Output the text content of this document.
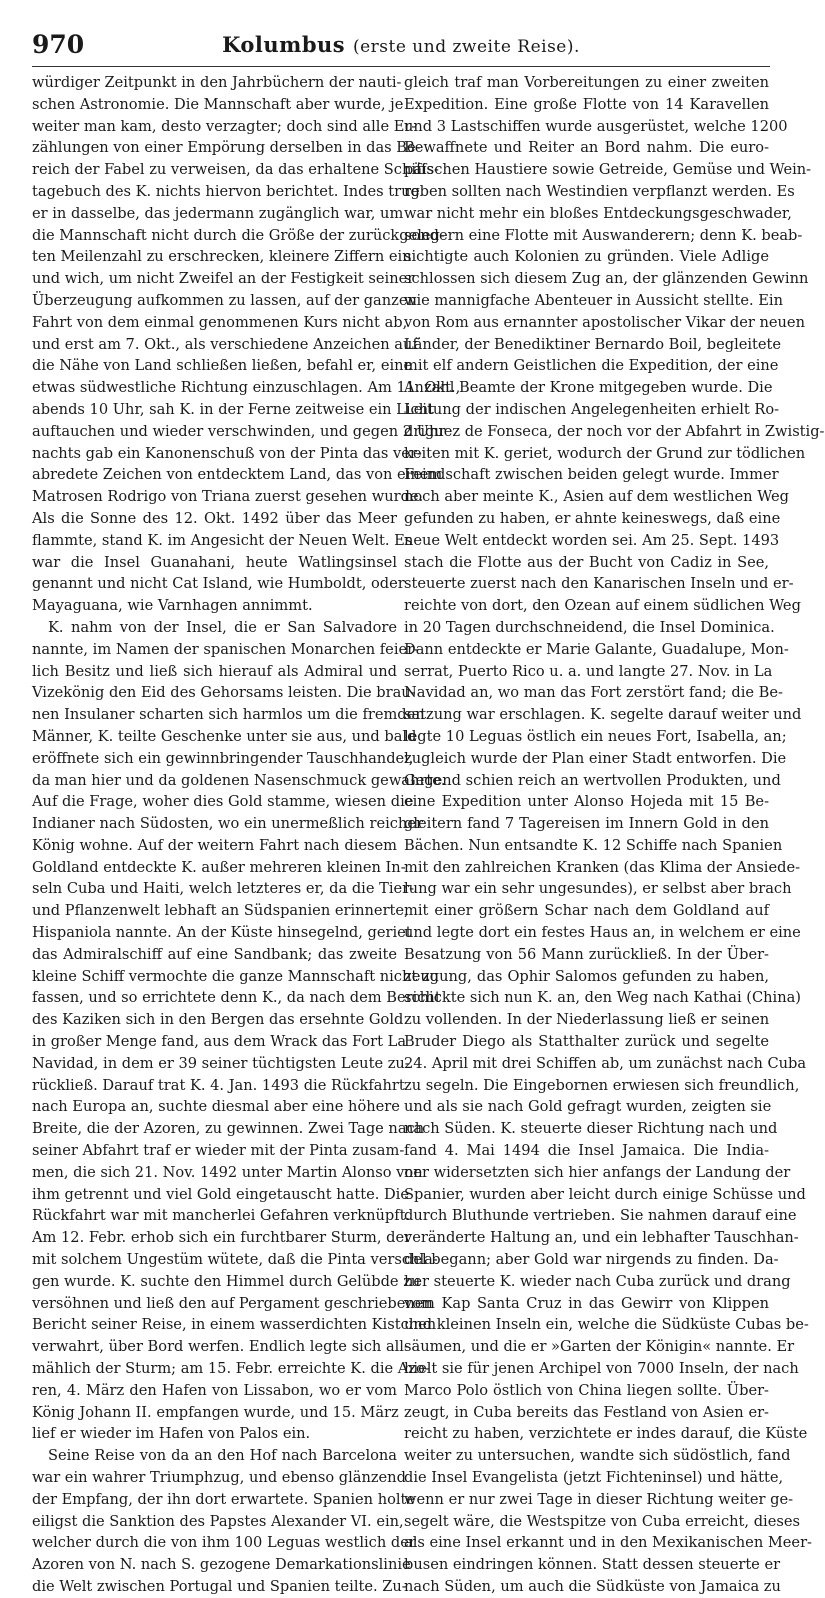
970	Kolumbus (erste und zweite Reise).
würdiger Zeitpunkt in den Jahrbüchern der nauti-
schen Astronomie. Die Mannschaft aber wurde, je
weiter man kam, desto verzagter; doch sind alle Er-
zählungen von einer Empörung derselben in das Be-
reich der Fabel zu verweisen, da das erhaltene Schiffs-
tagebuch des K. nichts hiervon berichtet. Indes trug
er in dasselbe, das jedermann zugänglich war, um
die Mannschaft nicht durch die Größe der zurückgeleg-
ten Meilenzahl zu erschrecken, kleinere Ziffern ein
und wich, um nicht Zweifel an der Festigkeit seiner
Überzeugung aufkommen zu lassen, auf der ganzen
Fahrt von dem einmal genommenen Kurs nicht ab,
und erst am 7. Okt., als verschiedene Anzeichen auf
die Nähe von Land schließen ließen, befahl er, eine
etwas südwestliche Richtung einzuschlagen. Am 11. Okt.,
abends 10 Uhr, sah K. in der Ferne zeitweise ein Licht
auftauchen und wieder verschwinden, und gegen 2 Uhr
nachts gab ein Kanonenschuß von der Pinta das ver-
abredete Zeichen von entdecktem Land, das von einem
Matrosen Rodrigo von Triana zuerst gesehen wurde.
Als die Sonne des 12. Okt. 1492 über das Meer
flammte, stand K. im Angesicht der Neuen Welt. Es
war die Insel Guanahani, heute Watlingsinsel
genannt und nicht Cat Island, wie Humboldt, oder
Mayaguana, wie Varnhagen annimmt.
K. nahm von der Insel, die er San Salvadore
nannte, im Namen der spanischen Monarchen feier-
lich Besitz und ließ sich hierauf als Admiral und
Vizekönig den Eid des Gehorsams leisten. Die brau-
nen Insulaner scharten sich harmlos um die fremden
Männer, K. teilte Geschenke unter sie aus, und bald
eröffnete sich ein gewinnbringender Tauschhandel,
da man hier und da goldenen Nasenschmuck gewahrte.
Auf die Frage, woher dies Gold stamme, wiesen die
Indianer nach Südosten, wo ein unermeßlich reicher
König wohne. Auf der weitern Fahrt nach diesem
Goldland entdeckte K. außer mehreren kleinen In-
seln Cuba und Haiti, welch letzteres er, da die Tier-
und Pflanzenwelt lebhaft an Südspanien erinnerte,
Hispaniola nannte. An der Küste hinsegelnd, geriet
das Admiralschiff auf eine Sandbank; das zweite
kleine Schiff vermochte die ganze Mannschaft nicht zu
fassen, und so errichtete denn K., da nach dem Bericht
des Kaziken sich in den Bergen das ersehnte Gold
in großer Menge fand, aus dem Wrack das Fort La
Navidad, in dem er 39 seiner tüchtigsten Leute zu-
rückließ. Darauf trat K. 4. Jan. 1493 die Rückfahrt
nach Europa an, suchte diesmal aber eine höhere
Breite, die der Azoren, zu gewinnen. Zwei Tage nach
seiner Abfahrt traf er wieder mit der Pinta zusam-
men, die sich 21. Nov. 1492 unter Martin Alonso von
ihm getrennt und viel Gold eingetauscht hatte. Die
Rückfahrt war mit mancherlei Gefahren verknüpft.
Am 12. Febr. erhob sich ein furchtbarer Sturm, der
mit solchem Ungestüm wütete, daß die Pinta verschla-
gen wurde. K. suchte den Himmel durch Gelübde zu
versöhnen und ließ den auf Pergament geschriebenen
Bericht seiner Reise, in einem wasserdichten Kistchen
verwahrt, über Bord werfen. Endlich legte sich all-
mählich der Sturm; am 15. Febr. erreichte K. die Azo-
ren, 4. März den Hafen von Lissabon, wo er vom
König Johann II. empfangen wurde, und 15. März
lief er wieder im Hafen von Palos ein.
Seine Reise von da an den Hof nach Barcelona
war ein wahrer Triumphzug, und ebenso glänzend
der Empfang, der ihn dort erwartete. Spanien holte
eiligst die Sanktion des Papstes Alexander VI. ein,
welcher durch die von ihm 100 Leguas westlich der
Azoren von N. nach S. gezogene Demarkationslinie
die Welt zwischen Portugal und Spanien teilte. Zu-
gleich traf man Vorbereitungen zu einer zweiten
Expedition. Eine große Flotte von 14 Karavellen
und 3 Lastschiffen wurde ausgerüstet, welche 1200
Bewaffnete und Reiter an Bord nahm. Die euro-
päischen Haustiere sowie Getreide, Gemüse und Wein-
reben sollten nach Westindien verpflanzt werden. Es
war nicht mehr ein bloßes Entdeckungsgeschwader,
sondern eine Flotte mit Auswanderern; denn K. beab-
sichtigte auch Kolonien zu gründen. Viele Adlige
schlossen sich diesem Zug an, der glänzenden Gewinn
wie mannigfache Abenteuer in Aussicht stellte. Ein
von Rom aus ernannter apostolischer Vikar der neuen
Länder, der Benediktiner Bernardo Boil, begleitete
mit elf andern Geistlichen die Expedition, der eine
Anzahl Beamte der Krone mitgegeben wurde. Die
Leitung der indischen Angelegenheiten erhielt Ro-
driguez de Fonseca, der noch vor der Abfahrt in Zwistig-
keiten mit K. geriet, wodurch der Grund zur tödlichen
Feindschaft zwischen beiden gelegt wurde. Immer
noch aber meinte K., Asien auf dem westlichen Weg
gefunden zu haben, er ahnte keineswegs, daß eine
neue Welt entdeckt worden sei. Am 25. Sept. 1493
stach die Flotte aus der Bucht von Cadiz in See,
steuerte zuerst nach den Kanarischen Inseln und er-
reichte von dort, den Ozean auf einem südlichen Weg
in 20 Tagen durchschneidend, die Insel Dominica.
Dann entdeckte er Marie Galante, Guadalupe, Mon-
serrat, Puerto Rico u. a. und langte 27. Nov. in La
Navidad an, wo man das Fort zerstört fand; die Be-
satzung war erschlagen. K. segelte darauf weiter und
legte 10 Leguas östlich ein neues Fort, Isabella, an;
zugleich wurde der Plan einer Stadt entworfen. Die
Gegend schien reich an wertvollen Produkten, und
eine Expedition unter Alonso Hojeda mit 15 Be-
gleitern fand 7 Tagereisen im Innern Gold in den
Bächen. Nun entsandte K. 12 Schiffe nach Spanien
mit den zahlreichen Kranken (das Klima der Ansiede-
lung war ein sehr ungesundes), er selbst aber brach
mit einer größern Schar nach dem Goldland auf
und legte dort ein festes Haus an, in welchem er eine
Besatzung von 56 Mann zurückließ. In der Über-
zeugung, das Ophir Salomos gefunden zu haben,
schickte sich nun K. an, den Weg nach Kathai (China)
zu vollenden. In der Niederlassung ließ er seinen
Bruder Diego als Statthalter zurück und segelte
24. April mit drei Schiffen ab, um zunächst nach Cuba
zu segeln. Die Eingebornen erwiesen sich freundlich,
und als sie nach Gold gefragt wurden, zeigten sie
nach Süden. K. steuerte dieser Richtung nach und
fand 4. Mai 1494 die Insel Jamaica. Die India-
ner widersetzten sich hier anfangs der Landung der
Spanier, wurden aber leicht durch einige Schüsse und
durch Bluthunde vertrieben. Sie nahmen darauf eine
veränderte Haltung an, und ein lebhafter Tauschhan-
del begann; aber Gold war nirgends zu finden. Da-
her steuerte K. wieder nach Cuba zurück und drang
vom Kap Santa Cruz in das Gewirr von Klippen
und kleinen Inseln ein, welche die Südküste Cubas be-
säumen, und die er »Garten der Königin« nannte. Er
hielt sie für jenen Archipel von 7000 Inseln, der nach
Marco Polo östlich von China liegen sollte. Über-
zeugt, in Cuba bereits das Festland von Asien er-
reicht zu haben, verzichtete er indes darauf, die Küste
weiter zu untersuchen, wandte sich südöstlich, fand
die Insel Evangelista (jetzt Fichteninsel) und hätte,
wenn er nur zwei Tage in dieser Richtung weiter ge-
segelt wäre, die Westspitze von Cuba erreicht, dieses
als eine Insel erkannt und in den Mexikanischen Meer-
busen eindringen können. Statt dessen steuerte er
nach Süden, um auch die Südküste von Jamaica zu
